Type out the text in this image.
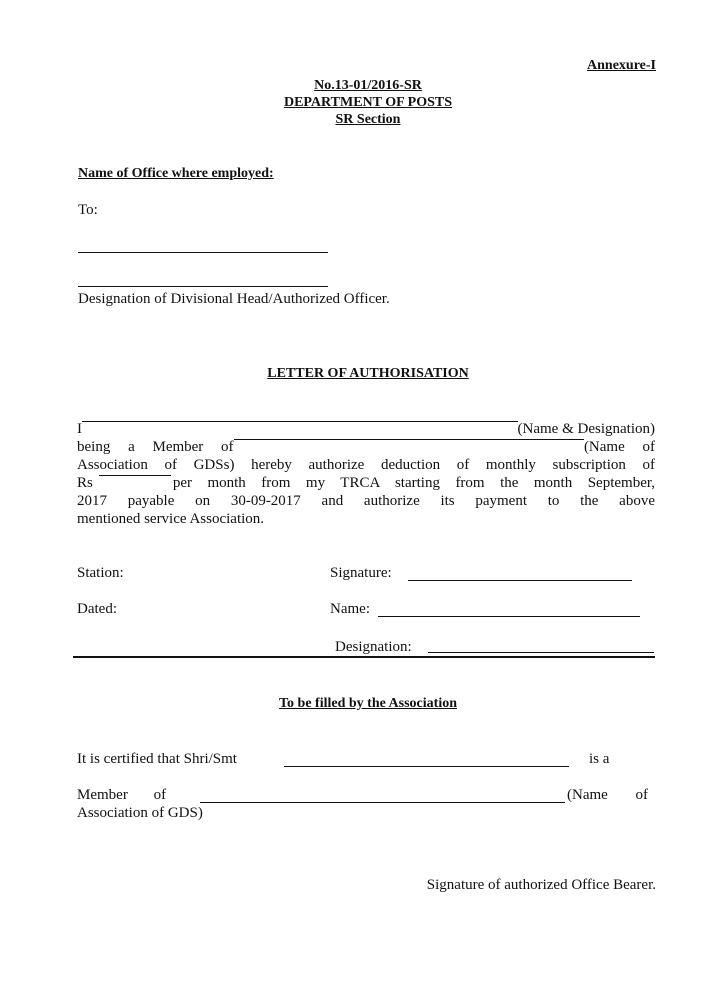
Annexure-I
No.13-01/2016-SR
DEPARTMENT OF POSTS
SR Section
Name of Office where employed:
To:
Designation of Divisional Head/Authorized Officer.
LETTER OF AUTHORISATION
I	(Name & Designation)
being a Member of	(Name of
Association of GDSs) hereby authorize deduction of monthly subscription of
Rs	per month from my TRCA starting from the month September,
2017 payable on 30-09-2017 and authorize its payment to the above
mentioned service Association.
Station:	Signature:
Dated:	Name:
Designation:
To be filled by the Association
It is certified that Shri/Smt	is a
Member of	(Name of
Association of GDS)
Signature of authorized Office Bearer.
